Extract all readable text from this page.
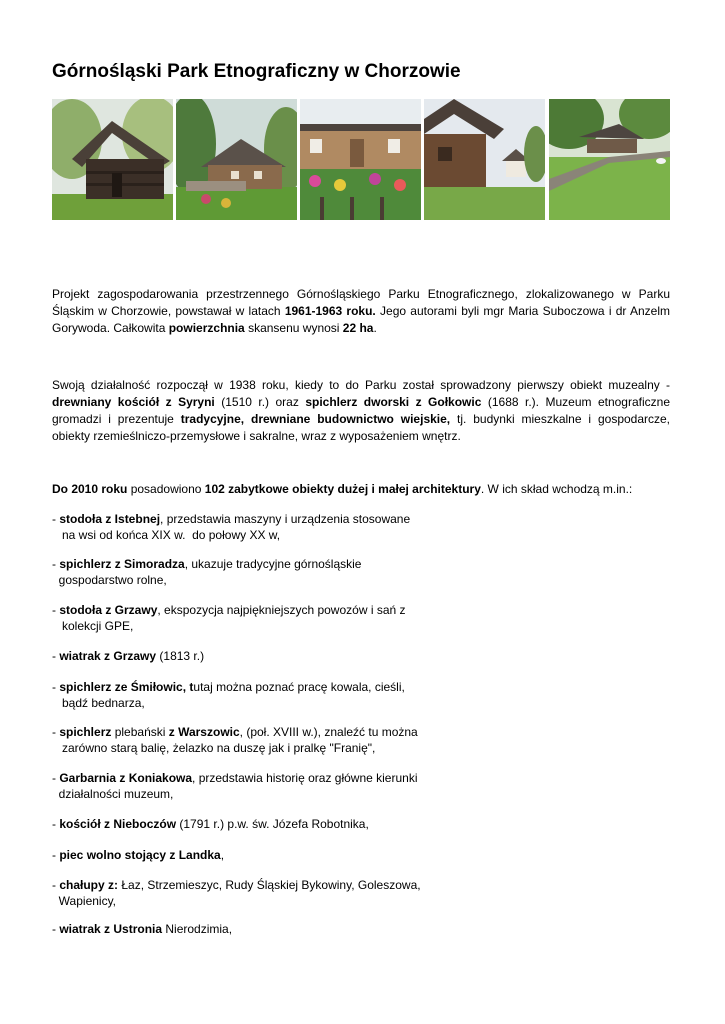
Górnośląski Park Etnograficzny w Chorzowie

Projekt zagospodarowania przestrzennego Górnośląskiego Parku Etnograficznego, zlokalizowanego w Parku Śląskim w Chorzowie, powstawał w latach 1961-1963 roku. Jego autorami byli mgr Maria Suboczowa i dr Anzelm Gorywoda. Całkowita powierzchnia skansenu wynosi 22 ha.

Swoją działalność rozpoczął w 1938 roku, kiedy to do Parku został sprowadzony pierwszy obiekt muzealny - drewniany kościół z Syryni (1510 r.) oraz spichlerz dworski z Gołkowic (1688 r.). Muzeum etnograficzne gromadzi i prezentuje tradycyjne, drewniane budownictwo wiejskie, tj. budynki mieszkalne i gospodarcze, obiekty rzemieślniczo-przemysłowe i sakralne, wraz z wyposażeniem wnętrz.

Do 2010 roku posadowiono 102 zabytkowe obiekty dużej i małej architektury. W ich skład wchodzą m.in.:

- stodoła z Istebnej, przedstawia maszyny i urządzenia stosowane
na wsi od końca XIX w.  do połowy XX w,
- spichlerz z Simoradza, ukazuje tradycyjne górnośląskie
gospodarstwo rolne,
- stodoła z Grzawy, ekspozycja najpiękniejszych powozów i sań z
kolekcji GPE,
- wiatrak z Grzawy (1813 r.)
- spichlerz ze Śmiłowic, tutaj można poznać pracę kowala, cieśli,
bądź bednarza,
- spichlerz plebański z Warszowic, (poł. XVIII w.), znaleźć tu można
zarówno starą balię, żelazko na duszę jak i pralkę "Franię",
- Garbarnia z Koniakowa, przedstawia historię oraz główne kierunki
działalności muzeum,
- kościół z Nieboczów (1791 r.) p.w. św. Józefa Robotnika,
- piec wolno stojący z Landka,
- chałupy z: Łaz, Strzemieszyc, Rudy Śląskiej Bykowiny, Goleszowa,
Wapienicy,
- wiatrak z Ustronia Nierodzimia,
